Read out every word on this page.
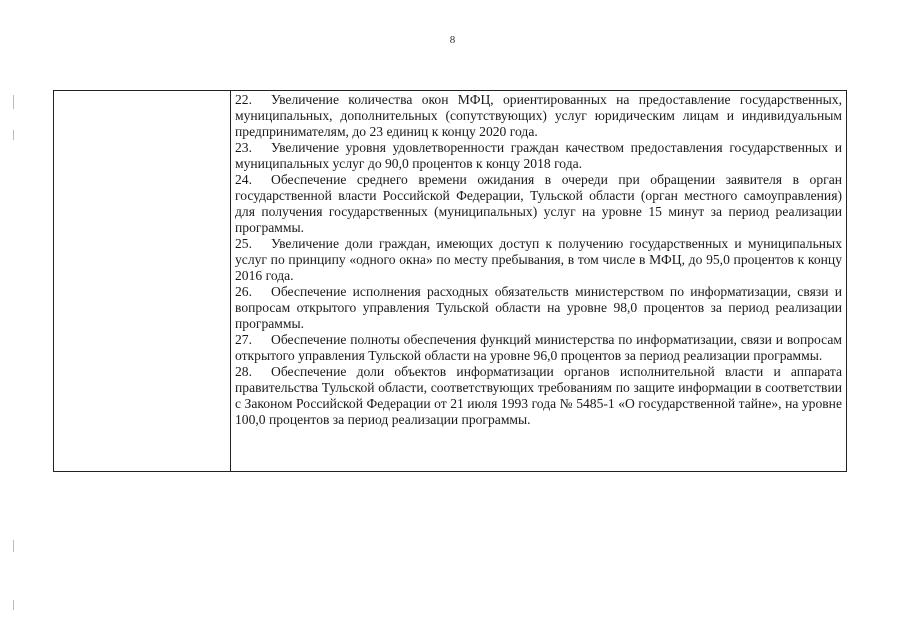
8

22. Увеличение количества окон МФЦ, ориентированных на предоставление государственных, муниципальных, дополнительных (сопутствующих) услуг юридическим лицам и индивидуальным предпринимателям, до 23 единиц к концу 2020 года.

23. Увеличение уровня удовлетворенности граждан качеством предоставления государственных и муниципальных услуг до 90,0 процентов к концу 2018 года.

24. Обеспечение среднего времени ожидания в очереди при обращении заявителя в орган государственной власти Российской Федерации, Тульской области (орган местного самоуправления) для получения государственных (муниципальных) услуг на уровне 15 минут за период реализации программы.

25. Увеличение доли граждан, имеющих доступ к получению государственных и муниципальных услуг по принципу «одного окна» по месту пребывания, в том числе в МФЦ, до 95,0 процентов к концу 2016 года.

26. Обеспечение исполнения расходных обязательств министерством по информатизации, связи и вопросам открытого управления Тульской области на уровне 98,0 процентов за период реализации программы.

27. Обеспечение полноты обеспечения функций министерства по информатизации, связи и вопросам открытого управления Тульской области на уровне 96,0 процентов за период реализации программы.

28. Обеспечение доли объектов информатизации органов исполнительной власти и аппарата правительства Тульской области, соответствующих требованиям по защите информации в соответствии с Законом Российской Федерации от 21 июля 1993 года № 5485-1 «О государственной тайне», на уровне 100,0 процентов за период реализации программы.
